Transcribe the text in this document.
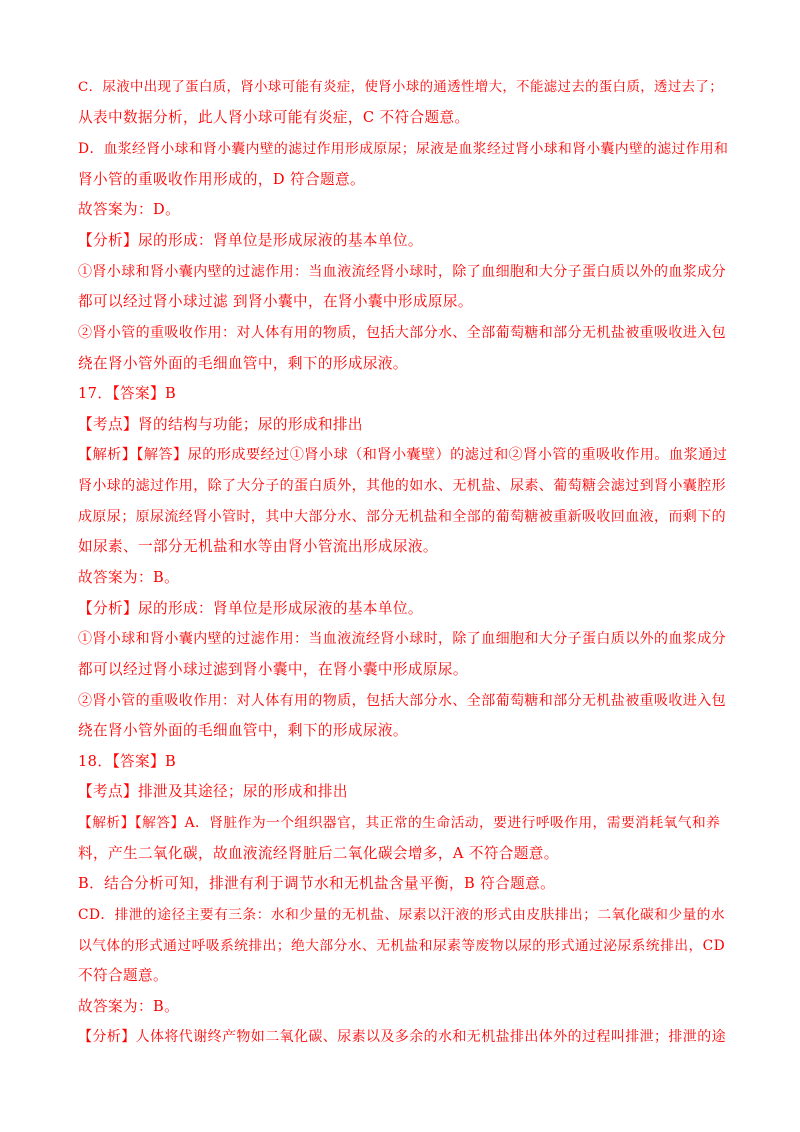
C．尿液中出现了蛋白质，肾小球可能有炎症，使肾小球的通透性增大，不能滤过去的蛋白质，透过去了；
从表中数据分析，此人肾小球可能有炎症，C 不符合题意。
D．血浆经肾小球和肾小囊内壁的滤过作用形成原尿；尿液是血浆经过肾小球和肾小囊内壁的滤过作用和
肾小管的重吸收作用形成的，D 符合题意。
故答案为：D。
【分析】尿的形成：肾单位是形成尿液的基本单位。
①肾小球和肾小囊内壁的过滤作用：当血液流经肾小球时，除了血细胞和大分子蛋白质以外的血浆成分
都可以经过肾小球过滤 到肾小囊中，在肾小囊中形成原尿。
②肾小管的重吸收作用：对人体有用的物质，包括大部分水、全部葡萄糖和部分无机盐被重吸收进入包
绕在肾小管外面的毛细血管中，剩下的形成尿液。
17．【答案】B
【考点】肾的结构与功能；尿的形成和排出
【解析】【解答】尿的形成要经过①肾小球（和肾小囊壁）的滤过和②肾小管的重吸收作用。血浆通过
肾小球的滤过作用，除了大分子的蛋白质外，其他的如水、无机盐、尿素、葡萄糖会滤过到肾小囊腔形
成原尿；原尿流经肾小管时，其中大部分水、部分无机盐和全部的葡萄糖被重新吸收回血液，而剩下的
如尿素、一部分无机盐和水等由肾小管流出形成尿液。
故答案为：B。
【分析】尿的形成：肾单位是形成尿液的基本单位。
①肾小球和肾小囊内壁的过滤作用：当血液流经肾小球时，除了血细胞和大分子蛋白质以外的血浆成分
都可以经过肾小球过滤到肾小囊中，在肾小囊中形成原尿。
②肾小管的重吸收作用：对人体有用的物质，包括大部分水、全部葡萄糖和部分无机盐被重吸收进入包
绕在肾小管外面的毛细血管中，剩下的形成尿液。
18．【答案】B
【考点】排泄及其途径；尿的形成和排出
【解析】【解答】A．肾脏作为一个组织器官，其正常的生命活动，要进行呼吸作用，需要消耗氧气和养
料，产生二氧化碳，故血液流经肾脏后二氧化碳会增多，A 不符合题意。
B．结合分析可知，排泄有利于调节水和无机盐含量平衡，B 符合题意。
CD．排泄的途径主要有三条：水和少量的无机盐、尿素以汗液的形式由皮肤排出；二氧化碳和少量的水
以气体的形式通过呼吸系统排出；绝大部分水、无机盐和尿素等废物以尿的形式通过泌尿系统排出，CD
不符合题意。
故答案为：B。
【分析】人体将代谢终产物如二氧化碳、尿素以及多余的水和无机盐排出体外的过程叫排泄；排泄的途
